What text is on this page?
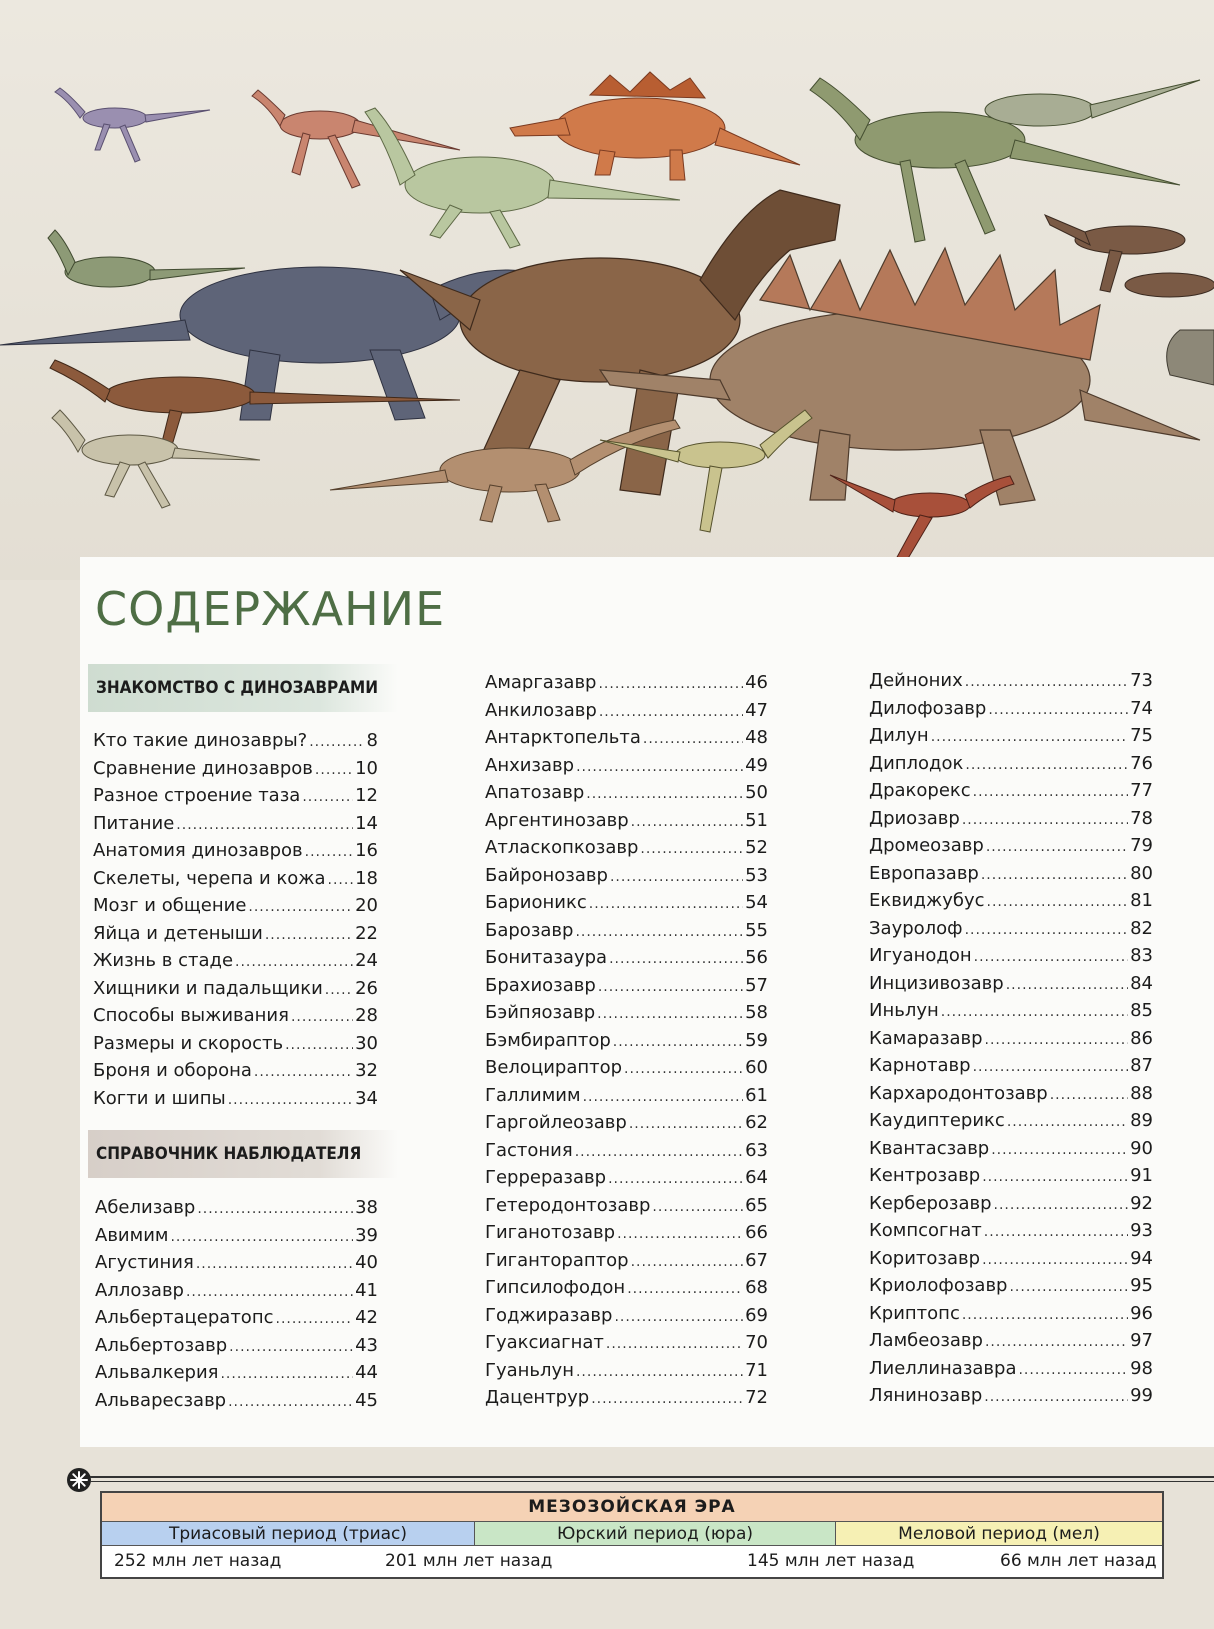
СОДЕРЖАНИЕ
ЗНАКОМСТВО С ДИНОЗАВРАМИ
Кто такие динозавры? .....	8
Сравнение динозавров ..... 10
Разное строение таза .....	12
Питание .....	14
Анатомия динозавров .....	16
Скелеты, черепа и кожа ..... 18
Мозг и общение .....	20
Яйца и детеныши .....	22
Жизнь в стаде .....	24
Хищники и падальщики ..... 26
Способы выживания .....	28
Размеры и скорость .....	30
Броня и оборона .....	32
Когти и шипы .....	34
СПРАВОЧНИК НАБЛЮДАТЕЛЯ
Абелизавр .....	38
Авимим .....	39
Агустиния .....	40
Аллозавр .....	41
Альбертацератопс .....	42
Альбертозавр .....	43
Альвалкерия .....	44
Альваресзавр .....	45
Амаргазавр .....	46
Анкилозавр .....	47
Антарктопельта .....	48
Анхизавр .....	49
Апатозавр .....	50
Аргентинозавр .....	51
Атласкопкозавр .....	52
Байронозавр .....	53
Барионикс .....	54
Барозавр .....	55
Бонитазаура .....	56
Брахиозавр .....	57
Бэйпяозавр .....	58
Бэмбираптор .....	59
Велоцираптор .....	60
Галлимим .....	61
Гаргойлеозавр .....	62
Гастония .....	63
Герреразавр .....	64
Гетеродонтозавр .....	65
Гиганотозавр .....	66
Гиганторaптор .....	67
Гипсилофодон .....	68
Годжиразавр .....	69
Гуаксиагнат .....	70
Гуаньлун .....	71
Дацентрур .....	72
Дейноних .....	73
Дилофозавр .....	74
Дилун .....	75
Диплодок .....	76
Дракорекс .....	77
Дриозавр .....	78
Дромеозавр .....	79
Европазавр .....	80
Еквиджубус .....	81
Зауролоф .....	82
Игуанодон .....	83
Инцизивозавр .....	84
Иньлун .....	85
Камаразавр .....	86
Карнотавр .....	87
Кархародонтозавр .....	88
Каудиптерикс .....	89
Квантасзавр .....	90
Кентрозавр .....	91
Керберозавр .....	92
Компсогнат .....	93
Коритозавр .....	94
Криолофозавр .....	95
Криптопс .....	96
Ламбеозавр .....	97
Лиеллиназавра .....	98
Лянинозавр .....	99
МЕЗОЗОЙСКАЯ ЭРА
Триасовый период (триас)	Юрский период (юра)	Меловой период (мел)
252 млн лет назад	201 млн лет назад	145 млн лет назад	66 млн лет назад
